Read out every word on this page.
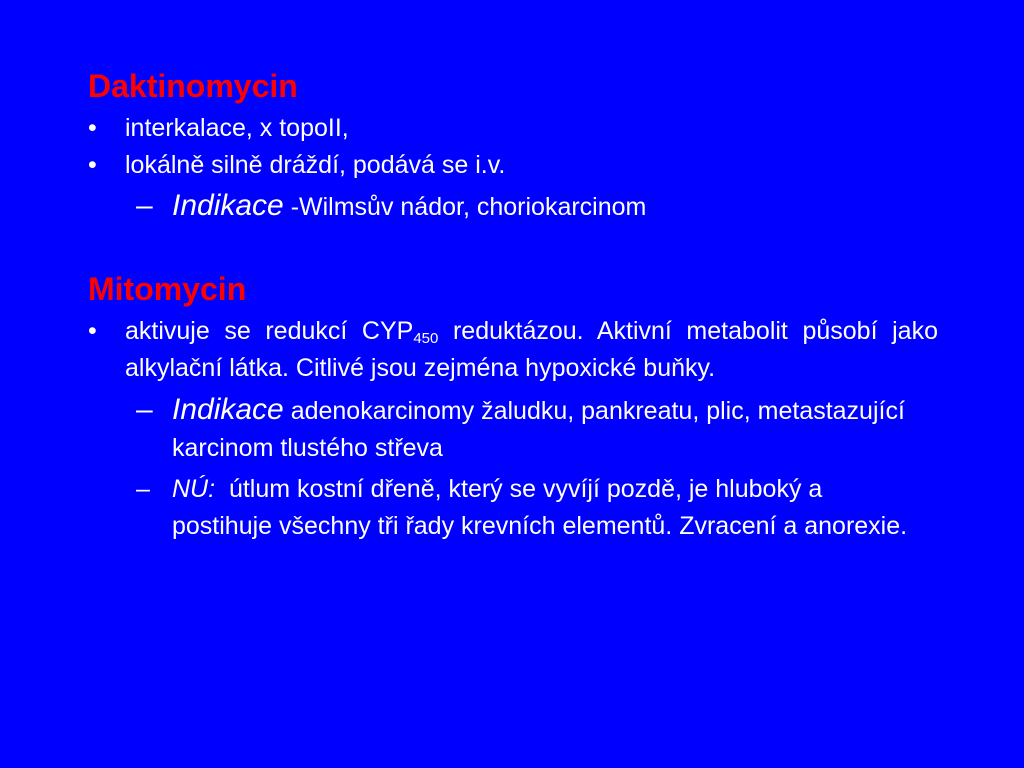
Daktinomycin
• interkalace, x topoII,
• lokálně silně dráždí, podává se i.v.
– Indikace -Wilmsův nádor, choriokarcinom
Mitomycin
• aktivuje se redukcí $CYP_{450}$ reduktázou. Aktivní metabolit působí jako alkylační látka. Citlivé jsou zejména hypoxické buňky.
– Indikace adenokarcinomy žaludku, pankreatu, plic, metastazující karcinom tlustého střeva
– NÚ:  útlum kostní dřeně, který se vyvíjí pozdě, je hluboký a postihuje všechny tři řady krevních elementů. Zvracení a anorexie.
